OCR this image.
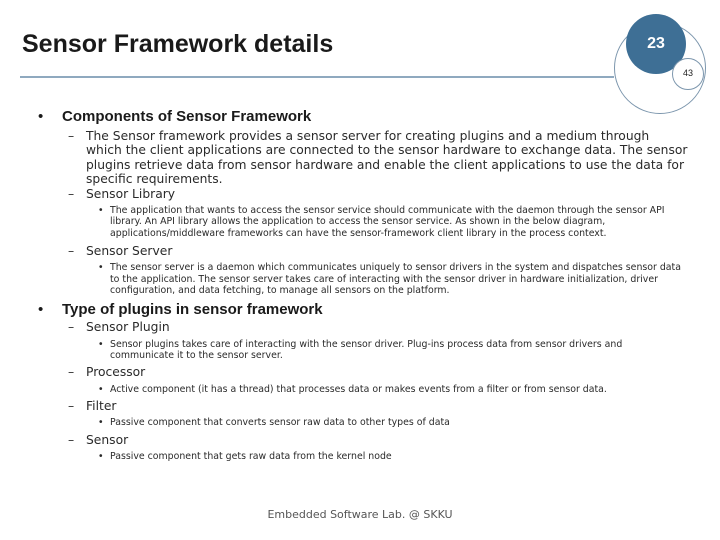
Sensor Framework details	23
43
• Components of Sensor Framework
– The Sensor framework provides a sensor server for creating plugins and a medium through which the client applications are connected to the sensor hardware to exchange data. The sensor plugins retrieve data from sensor hardware and enable the client applications to use the data for specific requirements.
– Sensor Library
• The application that wants to access the sensor service should communicate with the daemon through the sensor API library. An API library allows the application to access the sensor service. As shown in the below diagram, applications/middleware frameworks can have the sensor-framework client library in the process context.
– Sensor Server
• The sensor server is a daemon which communicates uniquely to sensor drivers in the system and dispatches sensor data to the application. The sensor server takes care of interacting with the sensor driver in hardware initialization, driver configuration, and data fetching, to manage all sensors on the platform.
• Type of plugins in sensor framework
– Sensor Plugin
• Sensor plugins takes care of interacting with the sensor driver. Plug-ins process data from sensor drivers and communicate it to the sensor server.
– Processor
• Active component (it has a thread) that processes data or makes events from a filter or from sensor data.
– Filter
• Passive component that converts sensor raw data to other types of data
– Sensor
• Passive component that gets raw data from the kernel node
Embedded Software Lab. @ SKKU
